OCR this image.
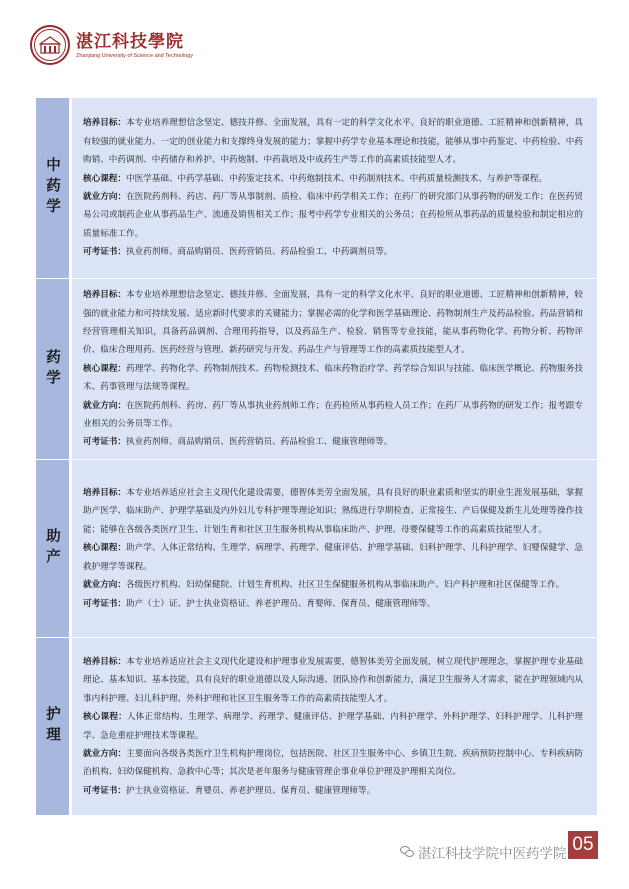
湛江科技學院
Zhanjiang University of Science and Technology
中药学

培养目标：本专业培养理想信念坚定、德技并修、全面发展，具有一定的科学文化水平、良好的职业道德、工匠精神和创新精神，具有较强的就业能力、一定的创业能力和支撑终身发展的能力；掌握中药学专业基本理论和技能，能够从事中药鉴定、中药检验、中药购销、中药调剂、中药储存和养护、中药炮制、中药栽培及中成药生产等工作的高素质技能型人才。

核心课程：中医学基础、中药学基础、中药鉴定技术、中药炮制技术、中药制剂技术、中药质量检测技术、与养护等课程。

就业方向：在医院药剂科、药店、药厂等从事制剂、质检、临床中药学相关工作；在药厂的研究部门从事药物的研发工作；在医药贸易公司或制药企业从事药品生产、流通及销售相关工作；报考中药学专业相关的公务员；在药检所从事药品的质量检验和制定相应的质量标准工作。

可考证书：执业药剂师、商品购销员、医药营销员、药品检验工、中药调剂员等。

药学

培养目标：本专业培养理想信念坚定、德技并修、全面发展，具有一定的科学文化水平、良好的职业道德、工匠精神和创新精神，较强的就业能力和可持续发展、适应新时代要求的关键能力；掌握必需的化学和医学基础理论、药物制剂生产及药品检验、药品营销和经营管理相关知识，具备药品调剂、合理用药指导，以及药品生产、检验、销售等专业技能，能从事药物化学、药物分析、药物评价、临床合理用药、医药经营与管理、新药研究与开发、药品生产与管理等工作的高素质技能型人才。

核心课程：药理学、药物化学、药物制剂技术、药物检测技术、临床药物治疗学、药学综合知识与技能、临床医学概论、药物服务技术、药事管理与法规等课程。

就业方向：在医院药剂科、药房、药厂等从事执业药剂师工作；在药检所从事药检人员工作；在药厂从事药物的研发工作；报考跟专业相关的公务员等工作。

可考证书：执业药剂师、商品购销员、医药营销员、药品检验工、健康管理师等。

助产

培养目标：本专业培养适应社会主义现代化建设需要，德智体美劳全面发展，具有良好的职业素质和坚实的职业生涯发展基础，掌握助产医学、临床助产、护理学基础及内外妇儿专科护理等理论知识；熟练进行孕期检查、正常接生、产后保健及新生儿处理等操作技能；能够在各级各类医疗卫生、计划生育和社区卫生服务机构从事临床助产、护理、母婴保健等工作的高素质技能型人才。

核心课程：助产学、人体正常结构、生理学、病理学、药理学、健康评估、护理学基础、妇科护理学、儿科护理学、妇婴保健学、急救护理学等课程。

就业方向：各级医疗机构、妇幼保健院、计划生育机构、社区卫生保健服务机构从事临床助产、妇产科护理和社区保健等工作。

可考证书：助产（士）证、护士执业资格证、养老护理员、育婴师、保育员、健康管理师等。

护理

培养目标：本专业培养适应社会主义现代化建设和护理事业发展需要，德智体美劳全面发展，树立现代护理理念，掌握护理专业基础理论、基本知识、基本技能，具有良好的职业道德以及人际沟通、团队协作和创新能力，满足卫生服务人才需求，能在护理领域内从事内科护理、妇儿科护理、外科护理和社区卫生服务等工作的高素质技能型人才。

核心课程：人体正常结构、生理学、病理学、药理学、健康评估、护理学基础、内科护理学、外科护理学、妇科护理学、儿科护理学、急危重症护理技术等课程。

就业方向：主要面向各级各类医疗卫生机构护理岗位，包括医院、社区卫生服务中心、乡镇卫生院、疾病预防控制中心、专科疾病防治机构、妇幼保健机构、急救中心等；其次是老年服务与健康管理企事业单位护理及护理相关岗位。

可考证书：护士执业资格证、育婴员、养老护理员、保育员、健康管理师等。

湛江科技学院中医药学院 05
